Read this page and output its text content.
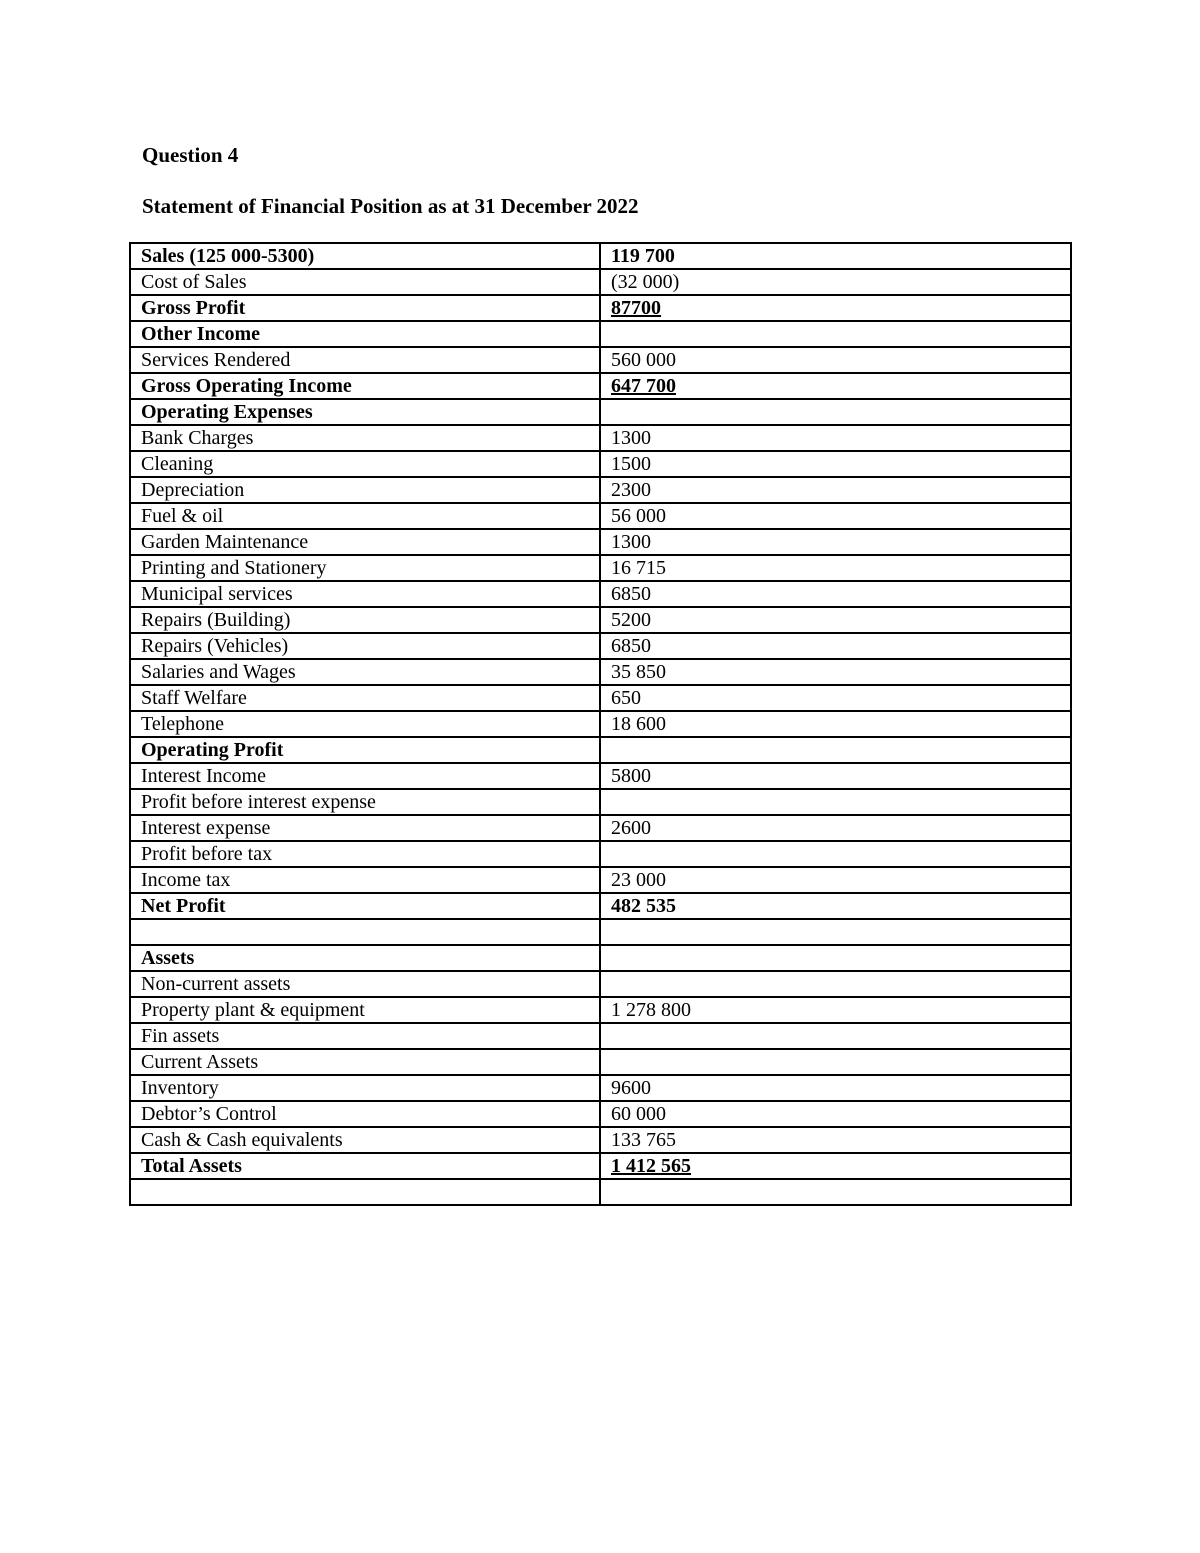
Question 4
Statement of Financial Position as at 31 December 2022
Sales (125 000-5300)	119 700
Cost of Sales	(32 000)
Gross Profit	87700
Other Income	
Services Rendered	560 000
Gross Operating Income	647 700
Operating Expenses	
Bank Charges	1300
Cleaning	1500
Depreciation	2300
Fuel & oil	56 000
Garden Maintenance	1300
Printing and Stationery	16 715
Municipal services	6850
Repairs (Building)	5200
Repairs (Vehicles)	6850
Salaries and Wages	35 850
Staff Welfare	650
Telephone	18 600
Operating Profit	
Interest Income	5800
Profit before interest expense	
Interest expense	2600
Profit before tax	
Income tax	23 000
Net Profit	482 535

Assets	
Non-current assets	
Property plant & equipment	1 278 800
Fin assets	
Current Assets	
Inventory	9600
Debtor’s Control	60 000
Cash & Cash equivalents	133 765
Total Assets	1 412 565
